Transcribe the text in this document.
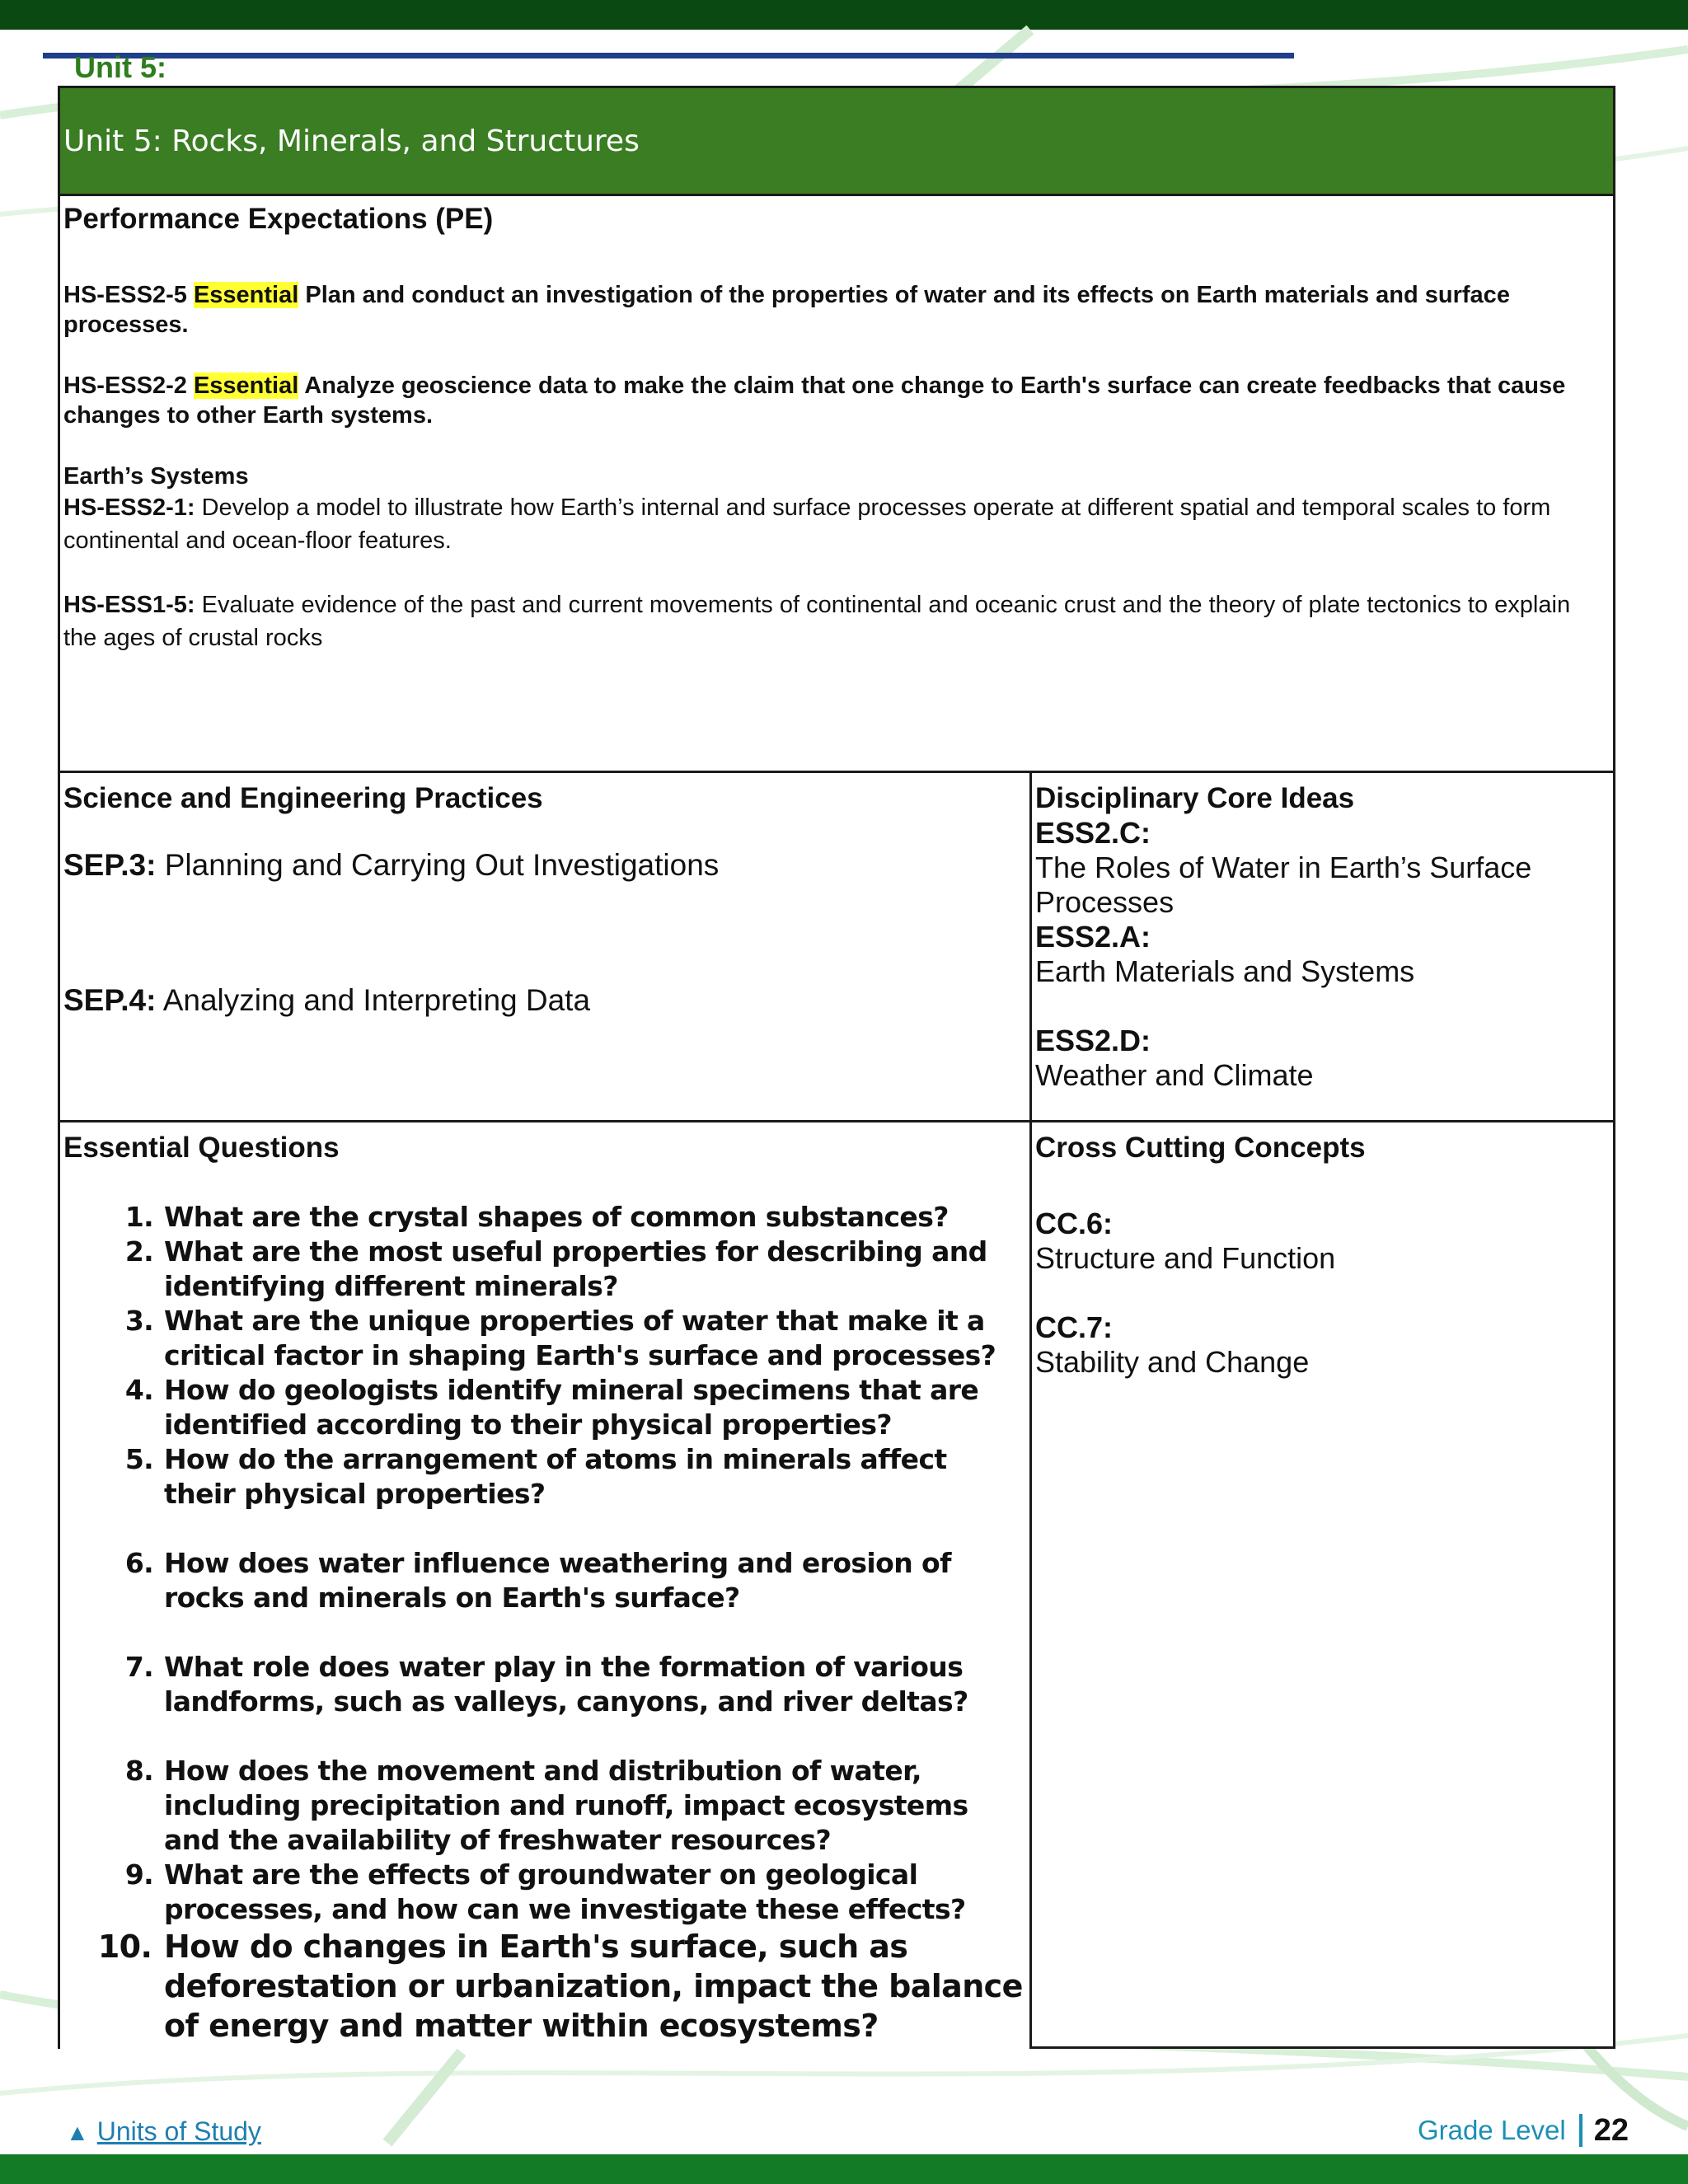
Unit 5:
Unit 5: Rocks, Minerals, and Structures
Performance Expectations (PE)
HS-ESS2-5 Essential Plan and conduct an investigation of the properties of water and its effects on Earth materials and surface processes.
HS-ESS2-2 Essential Analyze geoscience data to make the claim that one change to Earth's surface can create feedbacks that cause changes to other Earth systems.
Earth’s Systems
HS-ESS2-1: Develop a model to illustrate how Earth’s internal and surface processes operate at different spatial and temporal scales to form continental and ocean-floor features.
HS-ESS1-5: Evaluate evidence of the past and current movements of continental and oceanic crust and the theory of plate tectonics to explain the ages of crustal rocks
Science and Engineering Practices
SEP.3: Planning and Carrying Out Investigations
SEP.4: Analyzing and Interpreting Data
Disciplinary Core Ideas
ESS2.C:
The Roles of Water in Earth’s Surface Processes
ESS2.A:
Earth Materials and Systems
ESS2.D:
Weather and Climate
Essential Questions
1. What are the crystal shapes of common substances?
2. What are the most useful properties for describing and identifying different minerals?
3. What are the unique properties of water that make it a critical factor in shaping Earth's surface and processes?
4. How do geologists identify mineral specimens that are identified according to their physical properties?
5. How do the arrangement of atoms in minerals affect their physical properties?
6. How does water influence weathering and erosion of rocks and minerals on Earth's surface?
7. What role does water play in the formation of various landforms, such as valleys, canyons, and river deltas?
8. How does the movement and distribution of water, including precipitation and runoff, impact ecosystems and the availability of freshwater resources?
9. What are the effects of groundwater on geological processes, and how can we investigate these effects?
10. How do changes in Earth's surface, such as deforestation or urbanization, impact the balance of energy and matter within ecosystems?
Cross Cutting Concepts
CC.6:
Structure and Function
CC.7:
Stability and Change
▲ Units of Study	Grade Level 22
